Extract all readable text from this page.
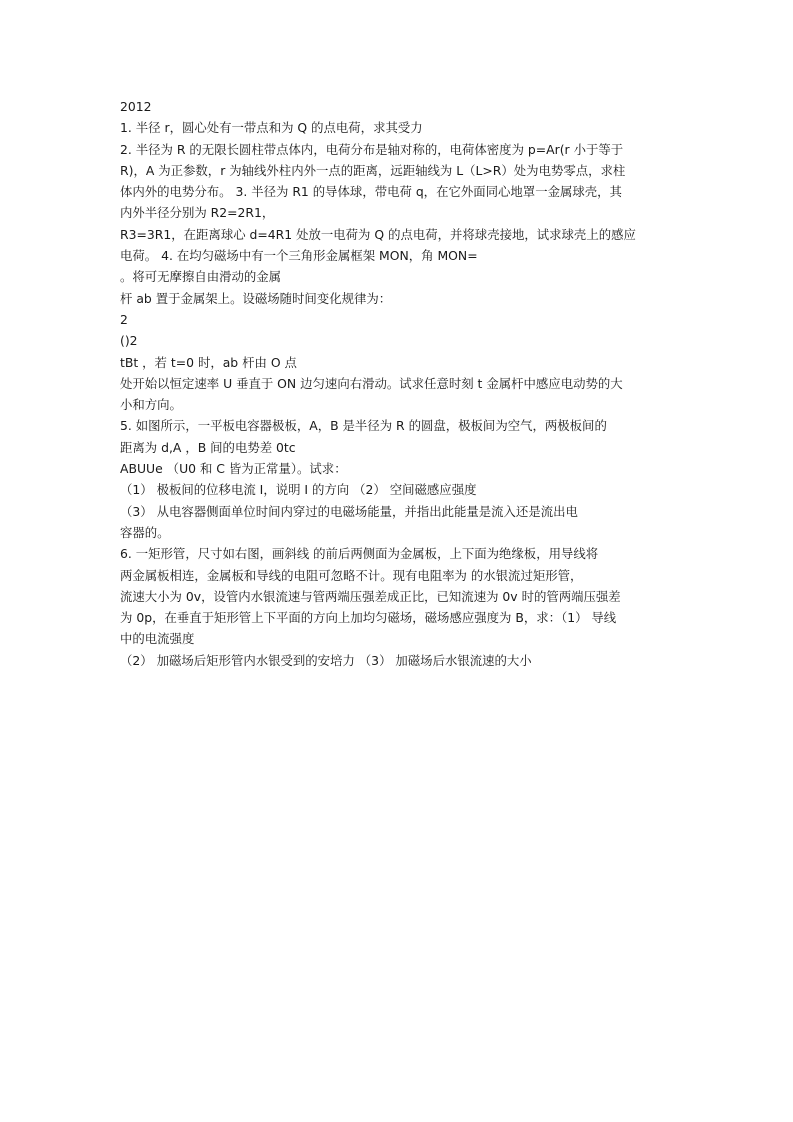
2012
1. 半径 r，圆心处有一带点和为 Q 的点电荷，求其受力
2. 半径为 R 的无限长圆柱带点体内，电荷分布是轴对称的，电荷体密度为 p=Ar(r 小于等于
R)，A 为正参数，r 为轴线外柱内外一点的距离，远距轴线为 L（L>R）处为电势零点，求柱
体内外的电势分布。 3. 半径为 R1 的导体球，带电荷 q，在它外面同心地罩一金属球壳，其
内外半径分别为 R2=2R1，
R3=3R1，在距离球心 d=4R1 处放一电荷为 Q 的点电荷，并将球壳接地，试求球壳上的感应
电荷。 4. 在均匀磁场中有一个三角形金属框架 MON，角 MON=
。将可无摩擦自由滑动的金属
杆 ab 置于金属架上。设磁场随时间变化规律为：
2
()2
tBt ，若 t=0 时，ab 杆由 O 点
处开始以恒定速率 U 垂直于 ON 边匀速向右滑动。试求任意时刻 t 金属杆中感应电动势的大
小和方向。
5. 如图所示，一平板电容器极板，A，B 是半径为 R 的圆盘，极板间为空气，两极板间的
距离为 d,A ，B 间的电势差 0tc
ABUUe （U0 和 C 皆为正常量）。试求：
（1） 极板间的位移电流 I，说明 I 的方向 （2） 空间磁感应强度
（3） 从电容器侧面单位时间内穿过的电磁场能量，并指出此能量是流入还是流出电
容器的。
6. 一矩形管，尺寸如右图，画斜线 的前后两侧面为金属板，上下面为绝缘板，用导线将
两金属板相连，金属板和导线的电阻可忽略不计。现有电阻率为 的水银流过矩形管，
流速大小为 0v，设管内水银流速与管两端压强差成正比，已知流速为 0v 时的管两端压强差
为 0p，在垂直于矩形管上下平面的方向上加均匀磁场，磁场感应强度为 B，求：（1） 导线
中的电流强度
（2） 加磁场后矩形管内水银受到的安培力 （3） 加磁场后水银流速的大小
